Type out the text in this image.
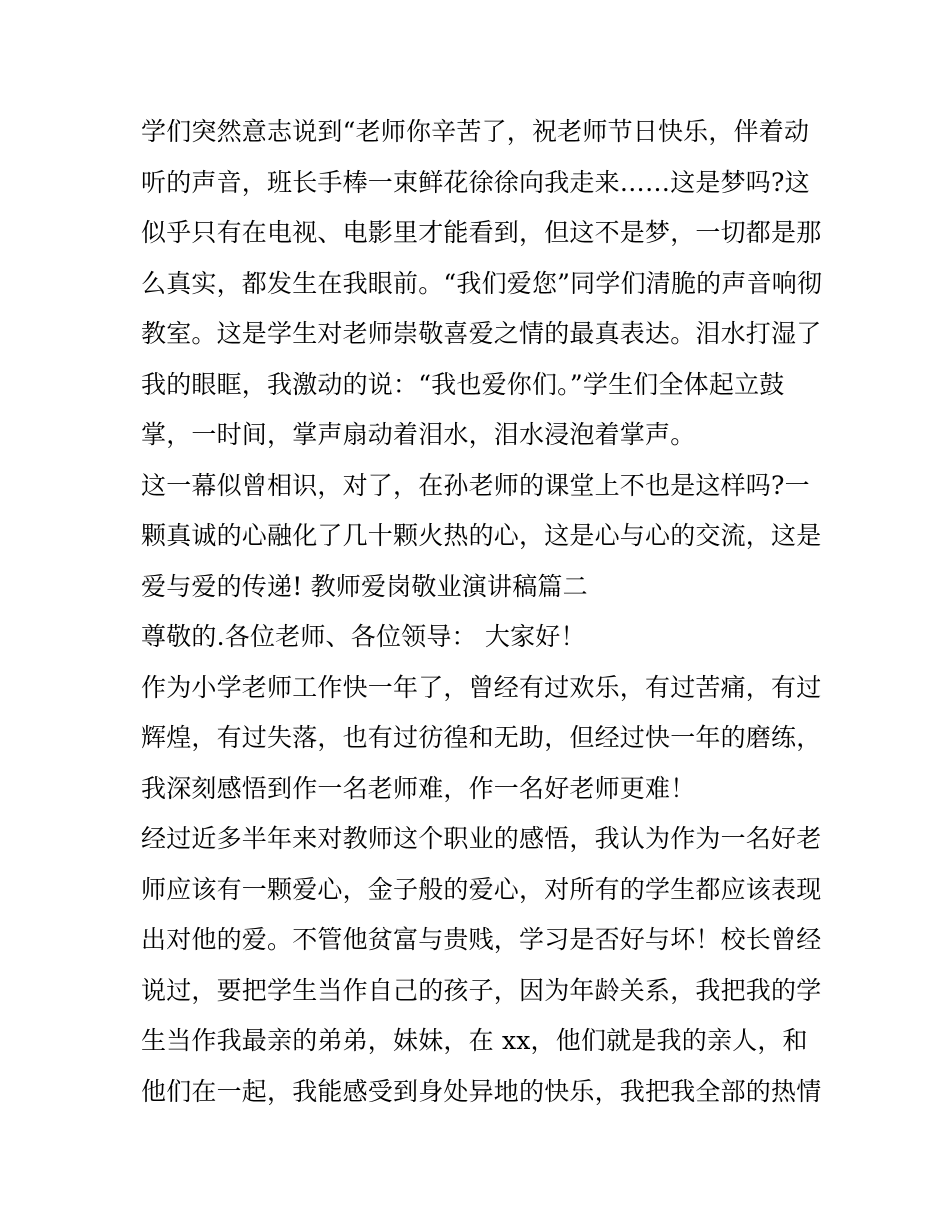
学们突然意志说到“老师你辛苦了，祝老师节日快乐，伴着动
听的声音，班长手棒一束鲜花徐徐向我走来……这是梦吗?这
似乎只有在电视、电影里才能看到，但这不是梦，一切都是那
么真实，都发生在我眼前。“我们爱您”同学们清脆的声音响彻
教室。这是学生对老师崇敬喜爱之情的最真表达。泪水打湿了
我的眼眶，我激动的说：“我也爱你们。”学生们全体起立鼓
掌，一时间，掌声扇动着泪水，泪水浸泡着掌声。
这一幕似曾相识，对了，在孙老师的课堂上不也是这样吗?一
颗真诚的心融化了几十颗火热的心，这是心与心的交流，这是
爱与爱的传递! 教师爱岗敬业演讲稿篇二
尊敬的.各位老师、各位领导： 大家好！
作为小学老师工作快一年了，曾经有过欢乐，有过苦痛，有过
辉煌，有过失落，也有过彷徨和无助，但经过快一年的磨练，
我深刻感悟到作一名老师难，作一名好老师更难！
经过近多半年来对教师这个职业的感悟，我认为作为一名好老
师应该有一颗爱心，金子般的爱心，对所有的学生都应该表现
出对他的爱。不管他贫富与贵贱，学习是否好与坏！校长曾经
说过，要把学生当作自己的孩子，因为年龄关系，我把我的学
生当作我最亲的弟弟，妹妹，在 xx，他们就是我的亲人，和
他们在一起，我能感受到身处异地的快乐，我把我全部的热情
